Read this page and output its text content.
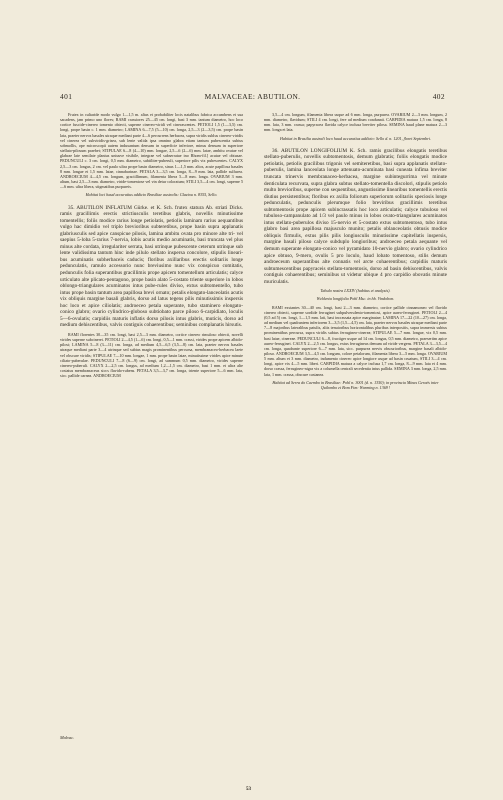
401	MALVACEAE: ABUTILON.	402

Frutex in cultaride modo vulgo 1—1,5 m. altus et probabiliter locis natalibus fabrica accumbens et sua sacadens, jam primo uno flores; RAMI crassiores 25—45 cm. longi, basi 3 mm. tantum diametro, hoc loco cortice fuscide-cinereo tomento obtecti, superne cinereo-viridi vel cinerascentes. PETIOLI 1,5 (1—3,5) cm. longi, prope basin c. 1 mm. diametro; LAMINA 6—7,5 (5—10) cm. longa, 2,5—3 (2—3,5) cm. prope basin lata, praeter nervos basales utraque mediani parte 4—6 percurrens herbacea, supra viridis sublus cinereo-viridis vel cinerea vel subviridis-grisea, sub lente valida ipsa omnino glabra etiam tantum pubescentia subtus sobmollis, ope microscopii autem induxantum densum in superficie inferiore, minus densum in superiore stellato-pilosum praebet; STIPULAE 6—8 (4—10) mm. longae, 2,5—6 (2—6) mm. latae, ambitu ovatae vel glabrae late semilate planius uniusve visibile, integrae vel subserratae ino Rhom-fil.] acutae vel obtusae. PEDUNCULI c. 3 cm. longi, 0,5 mm. diametro, subtiliter-puberuli, superiore pilis vix pubescentes. CALYX 2,5—3 cm. longus, 2 cm. vel paulo ultra prope basin diametro, sinus 1—1,5 mm. altos, acute papillosa basales 8 mm. longae et 1,5 mm. latae, cinnabarinae. PETALA 3—3,5 cm. longa, 8—9 mm. lata, pallide sulfurea. ANDROECIUM 4—4,5 cm. longum, graciillimum, filamenta libera 5—8 mm. longa. OVARIUM 3 mm. altum, basi 2,5—3 mm. diametro, viride-tomentose vel vin detur coloratum; STILI 3,5—4 cm. longi, superne 5—6 mm. ultra libera, stigmatibus purpureis.

Habitat loci haud accuratius addicto Brasiliae australis: Glaziou n. 8355, Sello.

35. ABUTILON INFLATUM Gürke. et K. Sch. frutex statura Ab. striati Dicks. ramis gracillimis erectis strictiusculis teretibus glabris, novellis minutissime tomentellis; foliis modice rarius longe petiolatis, petiolis laminam rarius aequantibus vulgo hac dimidio vel triplo brevioribus subteretibus, prope basin supra applanatis glabriusculis sed apice canspicue pilosis, lamina ambitu ovata pro minore alte tri- vel saepius 5-loba 5-rarius 7-nervia, lobis acutis medio acuminatis, basi truncata vel plus minus alte cordata, irregulariter serrata, basi utrinque pubescente ceterum utrinque sub lente validissima tantum hinc inde pilulo stellato inspersa concolore, stipulis lineari-bus acuminatis subherbaceis caducis; floribus axillaribus erectis solitariis longe pedunculatis, ramulo accessorio nunc breviusimo nunc vix conspicuo comitatis, pedunculis folia superantibus gracillimis prope apicem tomentellum articulatis; calyce urticulato alte plicato-pentagono, prope basin alato 5-costato triente superiore in lobos oblongo-triangulares acuminatos intus pube-rules diviso, extus subtomentello, tubo intus prope basin tantum area papillosa brevi ornato; petalis elongato-lanceolatis acutis vix obliquis margine basali glabris, dorso ad latus tegens pilis minutissimis inspersis hoc loco et apice ciliolatis; androeceo petala superante, tubo staminero elongato-conico glabro; ovario cylindrico-globoso subtiobato parce piloso 6-carpidiato, loculis 5—6-ovulatis; carpidiis maturis inflatis dorso pilosis intus glabris, muticis, dorso ad medium dehiscentibus, valvis contiguis cohaerentibus; seminibus complanatis hirsutis.

RAMI florentes 30—35 cm. longi, basi 2,5—3 mm. diametro, cortice cinereo rimuloso obtecti, novelli virides superne subcinerei. PETIOLI 2—4,5 (1—6) cm. longi, 0,5—1 mm. crassi, virides prope apicem albido-pilosi; LAMINA 5—8 (3—11) cm. longa, ad medium 4,5—6,5 (3,5—8) cm. lata, praeter nervos basales utraque mediani parte 3—4 utrinque sed subtus magis prominentibus percursa, membranaceo-herbacea laete vel obscure viridis; STIPULAE 7—10 mm. longae, 1 mm. prope basin latae, minutissime virides apice minute ciliato-puberulae. PEDUNCULI 7—8 (6—9) cm. longi, ad summum 0,5 mm. diametro, virides superne cinereo-puberuli. CALYX 2—2,5 cm. longus, ad medium 1,2—1,5 cm. diametro, basi 1 mm. et ultra alte costatus membranaceus siccs flavido-rubens. PETALA 3,5—3,7 cm. longa, triente superiore 5—6 mm. lata, sicc. pallide carnea. ANDROECIUM

Malvac.

3,5—4 cm. longum, filamenta libera usque ad 6 mm. longa, purpurea. OVARIUM 2—3 mm. longum, 2 mm. diametro, flavidum; STILI 4 cm. longi, fere ad medium coadunati. CARPIDIA matura 1,5 cm. longa, 8 mm. lata, 3 mm. crassa; papyracea flavida calyce inclusa breviter pilosa. SEMINA haud plane matura 2—3 mm. longa et lata.

Habitat in Brasilia australi loco haud accuratius addicto: Sello d. n. 1201, floret Septembri.

36. ABUTILON LONGIFOLIUM K. Sch. ramis gracilibus elongatis teretibus stellato-puberulis, novellis subtomentosis, demum glabratis; foliis elongatis modice petiolatis, petiolis gracilibus trigonis vel semiteretibus, basi supra applanatis stellato-puberulis, lamina lanceolata longe attenuato-acuminata basi cuneata infima breviter truncata trinervis membranaceo-herbacea, margine subintegurrima vel minute denticulata recurvata, supra glabra subtus stellato-tomentella discolori, stipulis petiolo multo brevioribus, superne con sequentibus, angustissime linearibus tomentellis erectis diutius persistentibus; floribus ex axilla foliorum superiorum solitariis speciosis longe pedunculatis, pedunculis plerumque folio breviribus gracillimis teretibus subtomentosis prope apicem subincrassatis hoc loco articulatis; calyce tubuloso vel tubuloso-campanulato ad 1/3 vel paulo minus in lobos ovato-triangulares acuminatos intus stellato-puberulos diviso 15-nervio et 5-costato extus subtomentoso, tubo intus glabro basi area papillosa majusculo munito; petalis oblanceolatis obtusis modice obliquis firmulis, extus pilis pilis longiusculis minutissime capitellatis inspersis, margine basali piloso calyce subduplo longioribus; androeceo petala aequante vel demum superante elongato-conico vel pyramidato 10-nervio glabro; ovario cylindrico apice obtuso, 9-mero, ovulis 5 pro loculo, haud lobato tomentoso, stilis demum androeceum superantibus alte connatis vel arcte cohaerentibus; carpidiis maturis subtumescentibus papyraceis stellato-tomentosis, dorso ad basin dehiscentibus, valvis contiguis cohaerentibus; seminibus ut videtur ubique 4 pro carpidio obovatis minute muriculatis.

Tabula nostra LXXIV (habitus et analysis).

Weldenia longifolia Pohl Msc. in hb. Vindobon.

RAMI exstantes 30—40 cm. longi, basi 2—3 mm. diametro, cortice pallide cinnamoneo vel flavido cinereo obtecti, superne sordide ferruginei subpulverulento-tomentosi, apice aureo-ferruginei. PETIOLI 2—4 (0,5 ad 5) cm. longi, 1—1,5 mm. lati, basi incrassata apice marginatae; LAMINA 17—22 (10—27) cm. longa, ad medium vel quadrantem inferiorem 3—3,5 (1,5—4,5) cm. lata, praeter nervos basales utraque mediani parte 7—8 majoribus lateralibus patulis, aliis tenuioribus horizontalibus pluribus interpositis, supra immersis subtus prominentibus percursa, supra viridis subtus ferrugineo-cinerea; STIPULAE 5—7 mm. longae, vix 0,5 mm. basi latae, cinereae. PEDUNCULI 6—8, fructiger usque ad 14 cm. longus, 0,5 mm. diametro, praesertim apice aureo-ferruginei. CALYX 2—2,5 cm. longus, extus ferrugineus demum ad viride vergens. PETALA 3—3,5—4 cm. longa, quadrante superiore 6—7 mm. lata, sicc. purpurea nervis obscurioribus, margine basali albido-piloso. ANDROECIUM 3,5—4,5 cm. longum, colore petalorum, filamenta libera 3—5 mm. longa. OVARIUM 5 mm. altum et 3 mm. diametro, indumento cinereo apice longiore usque ad basin cruatum, STILI 3—4 cm. longi, apice vix 4—5 mm. liberi. CARPIDIA matura a calyce inclusa 1,7 cm. longa, 8—9 mm. lata et 4 mm. dorso crassa, ferrugineo-nigra vix a columella centrali secedentia intus pallida. SEMINA 3 mm. longa, 2,5 mm. lata, 1 mm. crassa, obscure castanea.

Habitat ad Serra do Caembo in Brasiliae: Pohl n. 3001 (d. n. 1350); in provincia Minas Geraës inter Quilombo et Bom Fim: Warming n. 1369 !

53
